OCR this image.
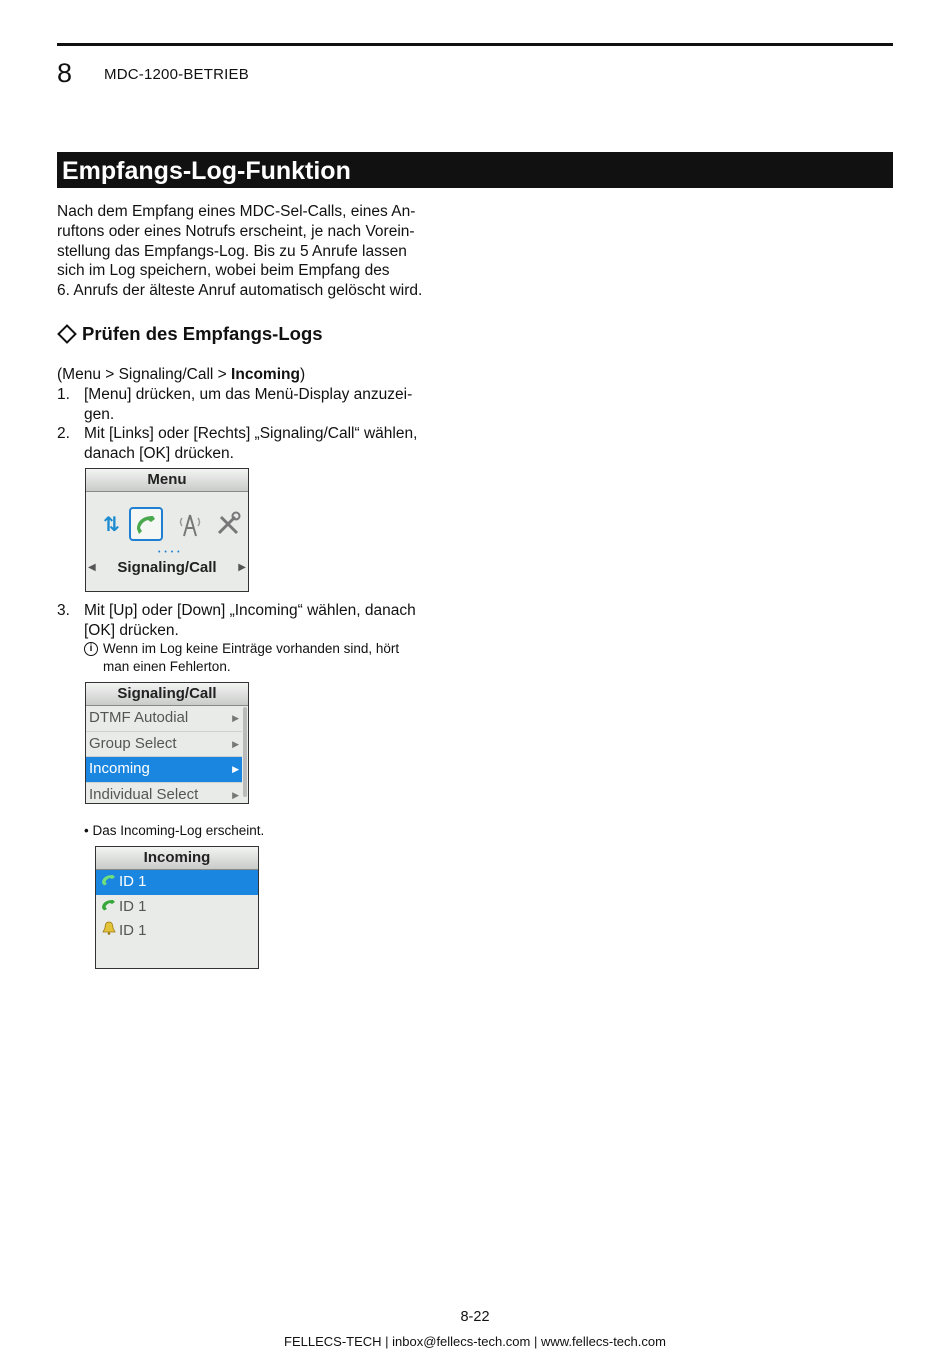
8 MDC-1200-BETRIEB
Empfangs-Log-Funktion
Nach dem Empfang eines MDC-Sel-Calls, eines An-
ruftons oder eines Notrufs erscheint, je nach Vorein-
stellung das Empfangs-Log. Bis zu 5 Anrufe lassen
sich im Log speichern, wobei beim Empfang des
6. Anrufs der älteste Anruf automatisch gelöscht wird.
Prüfen des Empfangs-Logs
(Menu > Signaling/Call > Incoming)
1. [Menu] drücken, um das Menü-Display anzuzei-
gen.
2. Mit [Links] oder [Rechts] „Signaling/Call“ wählen,
danach [OK] drücken.
Menu
⇅
• • • •
◀	Signaling/Call	▶
3. Mit [Up] oder [Down] „Incoming“ wählen, danach
[OK] drücken.
i Wenn im Log keine Einträge vorhanden sind, hört
man einen Fehlerton.
Signaling/Call
DTMF Autodial	▶
Group Select	▶
Incoming	▶
Individual Select	▶
• Das Incoming-Log erscheint.
Incoming
ID 1
ID 1
ID 1
8-22
FELLECS-TECH | inbox@fellecs-tech.com | www.fellecs-tech.com
